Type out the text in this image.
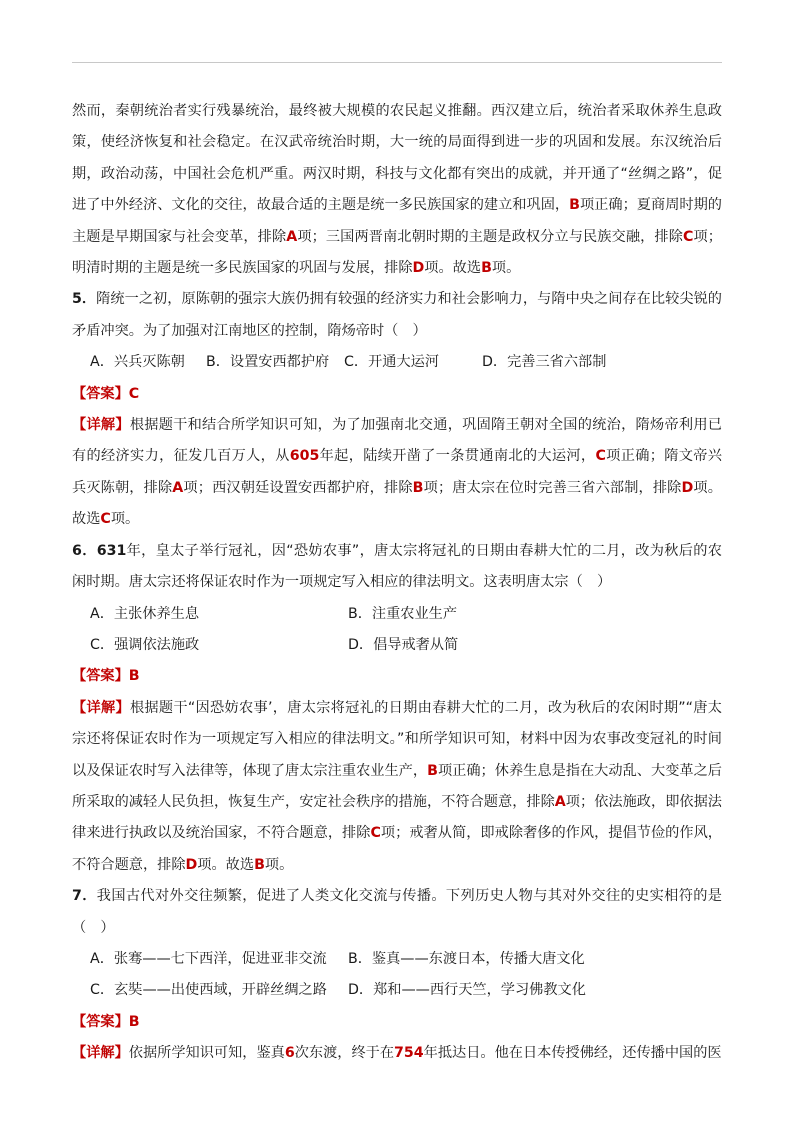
然而，秦朝统治者实行残暴统治，最终被大规模的农民起义推翻。西汉建立后，统治者采取休养生息政策，使经济恢复和社会稳定。在汉武帝统治时期，大一统的局面得到进一步的巩固和发展。东汉统治后期，政治动荡，中国社会危机严重。两汉时期，科技与文化都有突出的成就，并开通了“丝绸之路”，促进了中外经济、文化的交往，故最合适的主题是统一多民族国家的建立和巩固，B项正确；夏商周时期的主题是早期国家与社会变革，排除A项；三国两晋南北朝时期的主题是政权分立与民族交融，排除C项；明清时期的主题是统一多民族国家的巩固与发展，排除D项。故选B项。

5．隋统一之初，原陈朝的强宗大族仍拥有较强的经济实力和社会影响力，与隋中央之间存在比较尖锐的矛盾冲突。为了加强对江南地区的控制，隋炀帝时（　）

A．兴兵灭陈朝	B．设置安西都护府	C．开通大运河	D．完善三省六部制

【答案】C

【详解】根据题干和结合所学知识可知，为了加强南北交通，巩固隋王朝对全国的统治，隋炀帝利用已有的经济实力，征发几百万人，从605年起，陆续开凿了一条贯通南北的大运河，C项正确；隋文帝兴兵灭陈朝，排除A项；西汉朝廷设置安西都护府，排除B项；唐太宗在位时完善三省六部制，排除D项。故选C项。

6．631年，皇太子举行冠礼，因“恐妨农事”，唐太宗将冠礼的日期由春耕大忙的二月，改为秋后的农闲时期。唐太宗还将保证农时作为一项规定写入相应的律法明文。这表明唐太宗（　）

A．主张休养生息	B．注重农业生产
C．强调依法施政	D．倡导戒奢从简

【答案】B

【详解】根据题干“因恐妨农事’，唐太宗将冠礼的日期由春耕大忙的二月，改为秋后的农闲时期”“唐太宗还将保证农时作为一项规定写入相应的律法明文。”和所学知识可知，材料中因为农事改变冠礼的时间以及保证农时写入法律等，体现了唐太宗注重农业生产，B项正确；休养生息是指在大动乱、大变革之后所采取的减轻人民负担，恢复生产，安定社会秩序的措施，不符合题意，排除A项；依法施政，即依据法律来进行执政以及统治国家，不符合题意，排除C项；戒奢从简，即戒除奢侈的作风，提倡节俭的作风，不符合题意，排除D项。故选B项。

7．我国古代对外交往频繁，促进了人类文化交流与传播。下列历史人物与其对外交往的史实相符的是（　）

A．张骞——七下西洋，促进亚非交流	B．鉴真——东渡日本，传播大唐文化
C．玄奘——出使西域，开辟丝绸之路	D．郑和——西行天竺，学习佛教文化

【答案】B

【详解】依据所学知识可知，鉴真6次东渡，终于在754年抵达日。他在日本传授佛经，还传播中国的医
